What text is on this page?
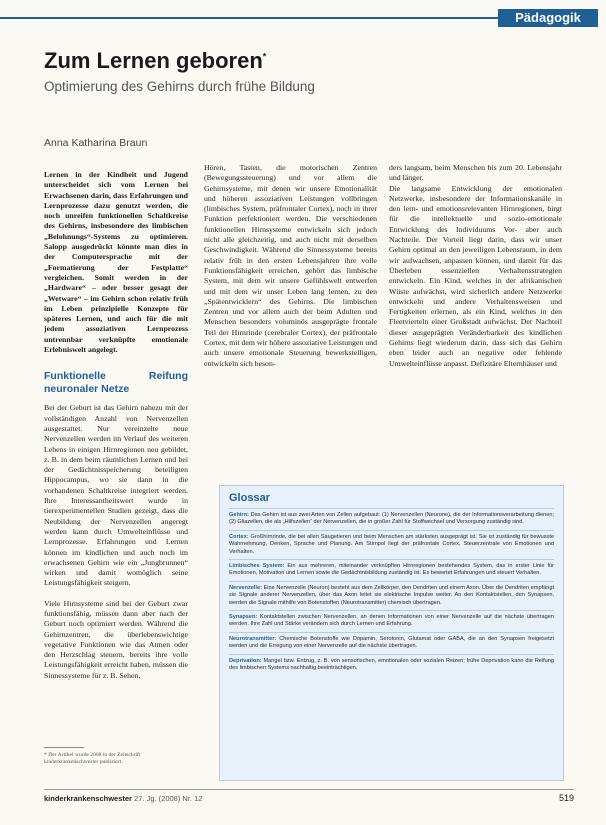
Pädagogik
Zum Lernen geboren*
Optimierung des Gehirns durch frühe Bildung
Anna Katharina Braun

Lernen in der Kindheit und Jugend unterscheidet sich vom Lernen bei Erwachsenen darin, dass Erfahrungen und Lernprozesse dazu genutzt werden, die noch unreifen funktionellen Schaltkreise des Gehirns, insbesondere des limbischen „Belohnungs“-Systems zu optimieren. Salopp ausgedrückt könnte man dies in der Computersprache mit der „Formatierung der Festplatte“ vergleichen. Somit werden in der „Hardware“ – oder besser gesagt der „Wetware“ – im Gehirn schon relativ früh im Leben prinzipielle Konzepte für späteres Lernen, und auch für die mit jedem assoziativen Lernprozess untrennbar verknüpfte emotionale Erlebniswelt angelegt.

Funktionelle Reifung neuronaler Netze

Bei der Geburt ist das Gehirn nahezu mit der vollständigen Anzahl von Nervenzellen ausgestattet. Nur vereinzelte neue Nervenzellen werden im Verlauf des weiteren Lebens in einigen Hirnregionen neu gebildet, z. B. in dem beim räumlichen Lernen und bei der Gedächtnisspeicherung beteiligten Hippocampus, wo sie dann in die vorhandenen Schaltkreise integriert werden. Ihre Interessantheitswert wurde in tierexperimentellen Studien gezeigt, dass die Neubildung der Nervenzellen angeregt werden kann durch Umwelteinflüsse und Lernprozesse. Erfahrungen und Lernen können im kindlichen und auch noch im erwachsenen Gehirn wie ein „Jungbrunnen“ wirken und damit womöglich seine Leistungsfähigkeit steigern.

Viele Hirnsysteme sind bei der Geburt zwar funktionsfähig, müssen dann aber nach der Geburt noch optimiert werden. Während die Gehirnzentren, die überlebenswichtige vegetative Funktionen wie das Atmen oder den Herzschlag steuern, bereits ihre volle Leistungsfähigkeit erreicht haben, müssen die Sinnessysteme für z. B. Sehen,

Hören, Tasten, die motorischen Zentren (Bewegungssteuerung) und vor allem die Gehirnsysteme, mit denen wir unsere Emotionalität und höheren assoziativen Leistungen vollbringen (limbisches System, präfrontaler Cortex), noch in ihrer Funktion perfektioniert werden. Die verschiedenen funktionellen Hirnsysteme entwickeln sich jedoch nicht alle gleichzeitig, und auch nicht mit derselben Geschwindigkeit. Während die Sinnessysteme bereits relativ früh in den ersten Lebensjahren ihre volle Funktionsfähigkeit erreichen, gehört das limbische System, mit dem wir unsere Gefühlswelt entwerfen und mit dem wir unser Leben lang lernen, zu den „Spätentwicklern“ des Gehirns. Die limbischen Zentren und vor allem auch der beim Adulten und Menschen besonders voluminös ausgeprägte frontale Teil der Hirnrinde (cerebraler Cortex), der präfrontale Cortex, mit dem wir höhere assoziative Leistungen und auch unsere emotionale Steuerung bewerkstelligen, entwickeln sich beson-

ders langsam, beim Menschen bis zum 20. Lebensjahr und länger.

Die langsame Entwicklung der emotionalen Netzwerke, insbesondere der Informationskanäle in den lern- und emotionsrelevanten Hirnregionen, birgt für die intellektuelle und sozio-emotionale Entwicklung des Individuums Vor- aber auch Nachteile. Der Vorteil liegt darin, dass wir unser Gehirn optimal an den jeweiligen Lebensraum, in dem wir aufwachsen, anpassen können, und damit für das Überleben essenziellen Verhaltensstrategien entwickeln. Ein Kind, welches in der afrikanischen Wüste aufwächst, wird sicherlich andere Netzwerke entwickeln und andere Verhaltensweisen und Fertigkeiten erlernen, als ein Kind, welches in den Fleetvierteln einer Großstadt aufwächst. Der Nachteil dieser ausgeprägten Veränderbarkeit des kindlichen Gehirns liegt wiederum darin, dass sich das Gehirn eben leider auch an negative oder fehlende Umwelteinflüsse anpasst. Defizitäre Elternhäuser und

* Der Artikel wurde 2008 in der Zeitschrift kinderkrankenschwester publiziert.
Glossar
Gehirn: Das Gehirn ist aus zwei Arten von Zellen aufgebaut: (1) Nervenzellen (Neurone), die der Informationsverarbeitung dienen; (2) Gliazellen, die als „Hilfszellen“ der Nervenzellen, die in großer Zahl für Stoffwechsel und Versorgung zuständig sind.
Cortex: Großhirnrinde, die bei allen Säugetieren und beim Menschen am stärksten ausgeprägt ist. Sie ist zuständig für bewusste Wahrnehmung, Denken, Sprache und Planung. Am Stirnpol liegt der präfrontale Cortex, Steuerzentrale von Emotionen und Verhalten.
Limbisches System: Ein aus mehreren, miteinander verknüpften Hirnregionen bestehendes System, das in erster Linie für Emotionen, Motivation und Lernen sowie die Gedächtnisbildung zuständig ist. Es bewertet Erfahrungen und steuert Verhalten.
Nervenzelle: Eine Nervenzelle (Neuron) besteht aus dem Zellkörper, den Dendriten und einem Axon. Über die Dendriten empfängt sie Signale anderer Nervenzellen, über das Axon leitet sie elektrische Impulse weiter. An den Kontaktstellen, den Synapsen, werden die Signale mithilfe von Botenstoffen (Neurotransmitter) chemisch übertragen.
Synapsen: Kontaktstellen zwischen Nervenzellen, an denen Informationen von einer Nervenzelle auf die nächste übertragen werden. Ihre Zahl und Stärke verändern sich durch Lernen und Erfahrung.
Neurotransmitter: Chemische Botenstoffe wie Dopamin, Serotonin, Glutamat oder GABA, die an den Synapsen freigesetzt werden und die Erregung von einer Nervenzelle auf die nächste übertragen.
Deprivation: Mangel bzw. Entzug, z. B. von sensorischen, emotionalen oder sozialen Reizen; frühe Deprivation kann die Reifung des limbischen Systems nachhaltig beeinträchtigen.
kinderkrankenschwester 27. Jg. (2008) Nr. 12	519
